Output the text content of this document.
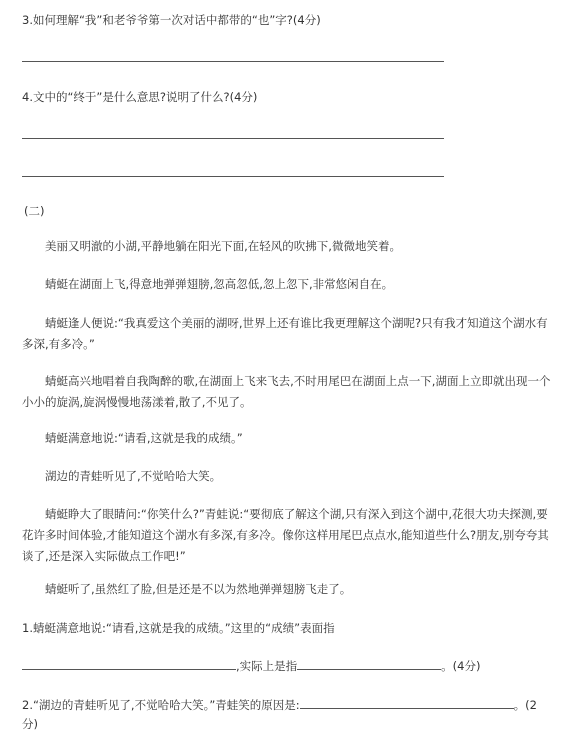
3.如何理解“我”和老爷爷第一次对话中都带的“也”字?(4分)
4.文中的“终于”是什么意思?说明了什么?(4分)
(二)
美丽又明澈的小湖,平静地躺在阳光下面,在轻风的吹拂下,微微地笑着。
蜻蜓在湖面上飞,得意地弹弹翅膀,忽高忽低,忽上忽下,非常悠闲自在。
蜻蜓逢人便说:“我真爱这个美丽的湖呀,世界上还有谁比我更理解这个湖呢?只有我才知道这个湖水有多深,有多冷。”
蜻蜓高兴地唱着自我陶醉的歌,在湖面上飞来飞去,不时用尾巴在湖面上点一下,湖面上立即就出现一个小小的旋涡,旋涡慢慢地荡漾着,散了,不见了。
蜻蜓满意地说:“请看,这就是我的成绩。”
湖边的青蛙听见了,不觉哈哈大笑。
蜻蜓睁大了眼睛问:“你笑什么?”青蛙说:“要彻底了解这个湖,只有深入到这个湖中,花很大功夫探测,要花许多时间体验,才能知道这个湖水有多深,有多冷。像你这样用尾巴点点水,能知道些什么?朋友,别夸夸其谈了,还是深入实际做点工作吧!”
蜻蜓听了,虽然红了脸,但是还是不以为然地弹弹翅膀飞走了。
1.蜻蜓满意地说:“请看,这就是我的成绩。”这里的“成绩”表面指
,实际上是指	。(4分)
2.“湖边的青蛙听见了,不觉哈哈大笑。”青蛙笑的原因是:	。(2
分)
